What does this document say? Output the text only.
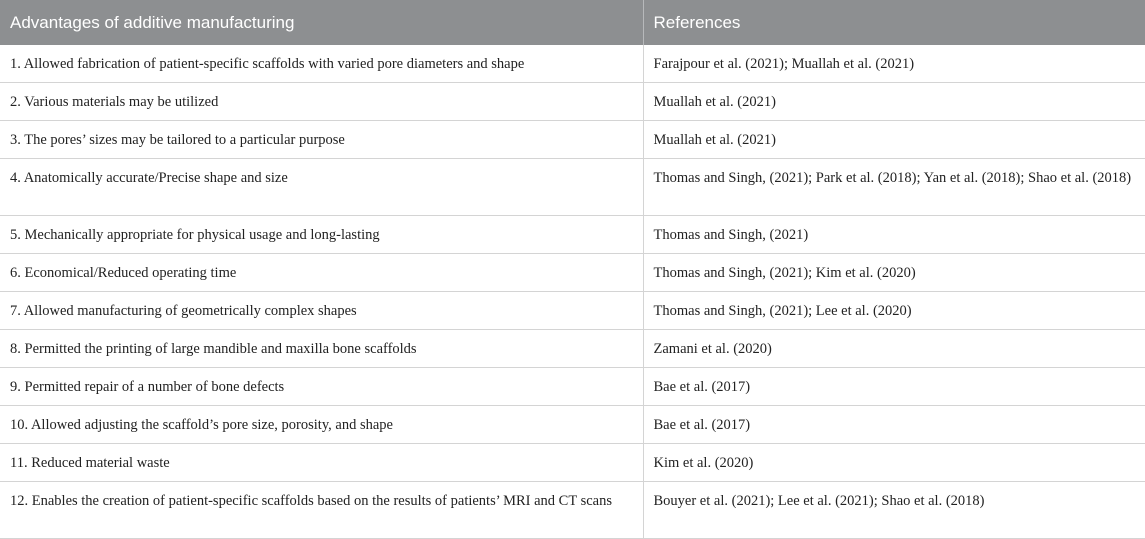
Advantages of additive manufacturing	References
1. Allowed fabrication of patient-specific scaffolds with varied pore diameters and shape	Farajpour et al. (2021); Muallah et al. (2021)
2. Various materials may be utilized	Muallah et al. (2021)
3. The pores’ sizes may be tailored to a particular purpose	Muallah et al. (2021)
4. Anatomically accurate/Precise shape and size	Thomas and Singh, (2021); Park et al. (2018); Yan et al. (2018); Shao et al. (2018)
5. Mechanically appropriate for physical usage and long-lasting	Thomas and Singh, (2021)
6. Economical/Reduced operating time	Thomas and Singh, (2021); Kim et al. (2020)
7. Allowed manufacturing of geometrically complex shapes	Thomas and Singh, (2021); Lee et al. (2020)
8. Permitted the printing of large mandible and maxilla bone scaffolds	Zamani et al. (2020)
9. Permitted repair of a number of bone defects	Bae et al. (2017)
10. Allowed adjusting the scaffold’s pore size, porosity, and shape	Bae et al. (2017)
11. Reduced material waste	Kim et al. (2020)
12. Enables the creation of patient-specific scaffolds based on the results of patients’ MRI and CT scans	Bouyer et al. (2021); Lee et al. (2021); Shao et al. (2018)
